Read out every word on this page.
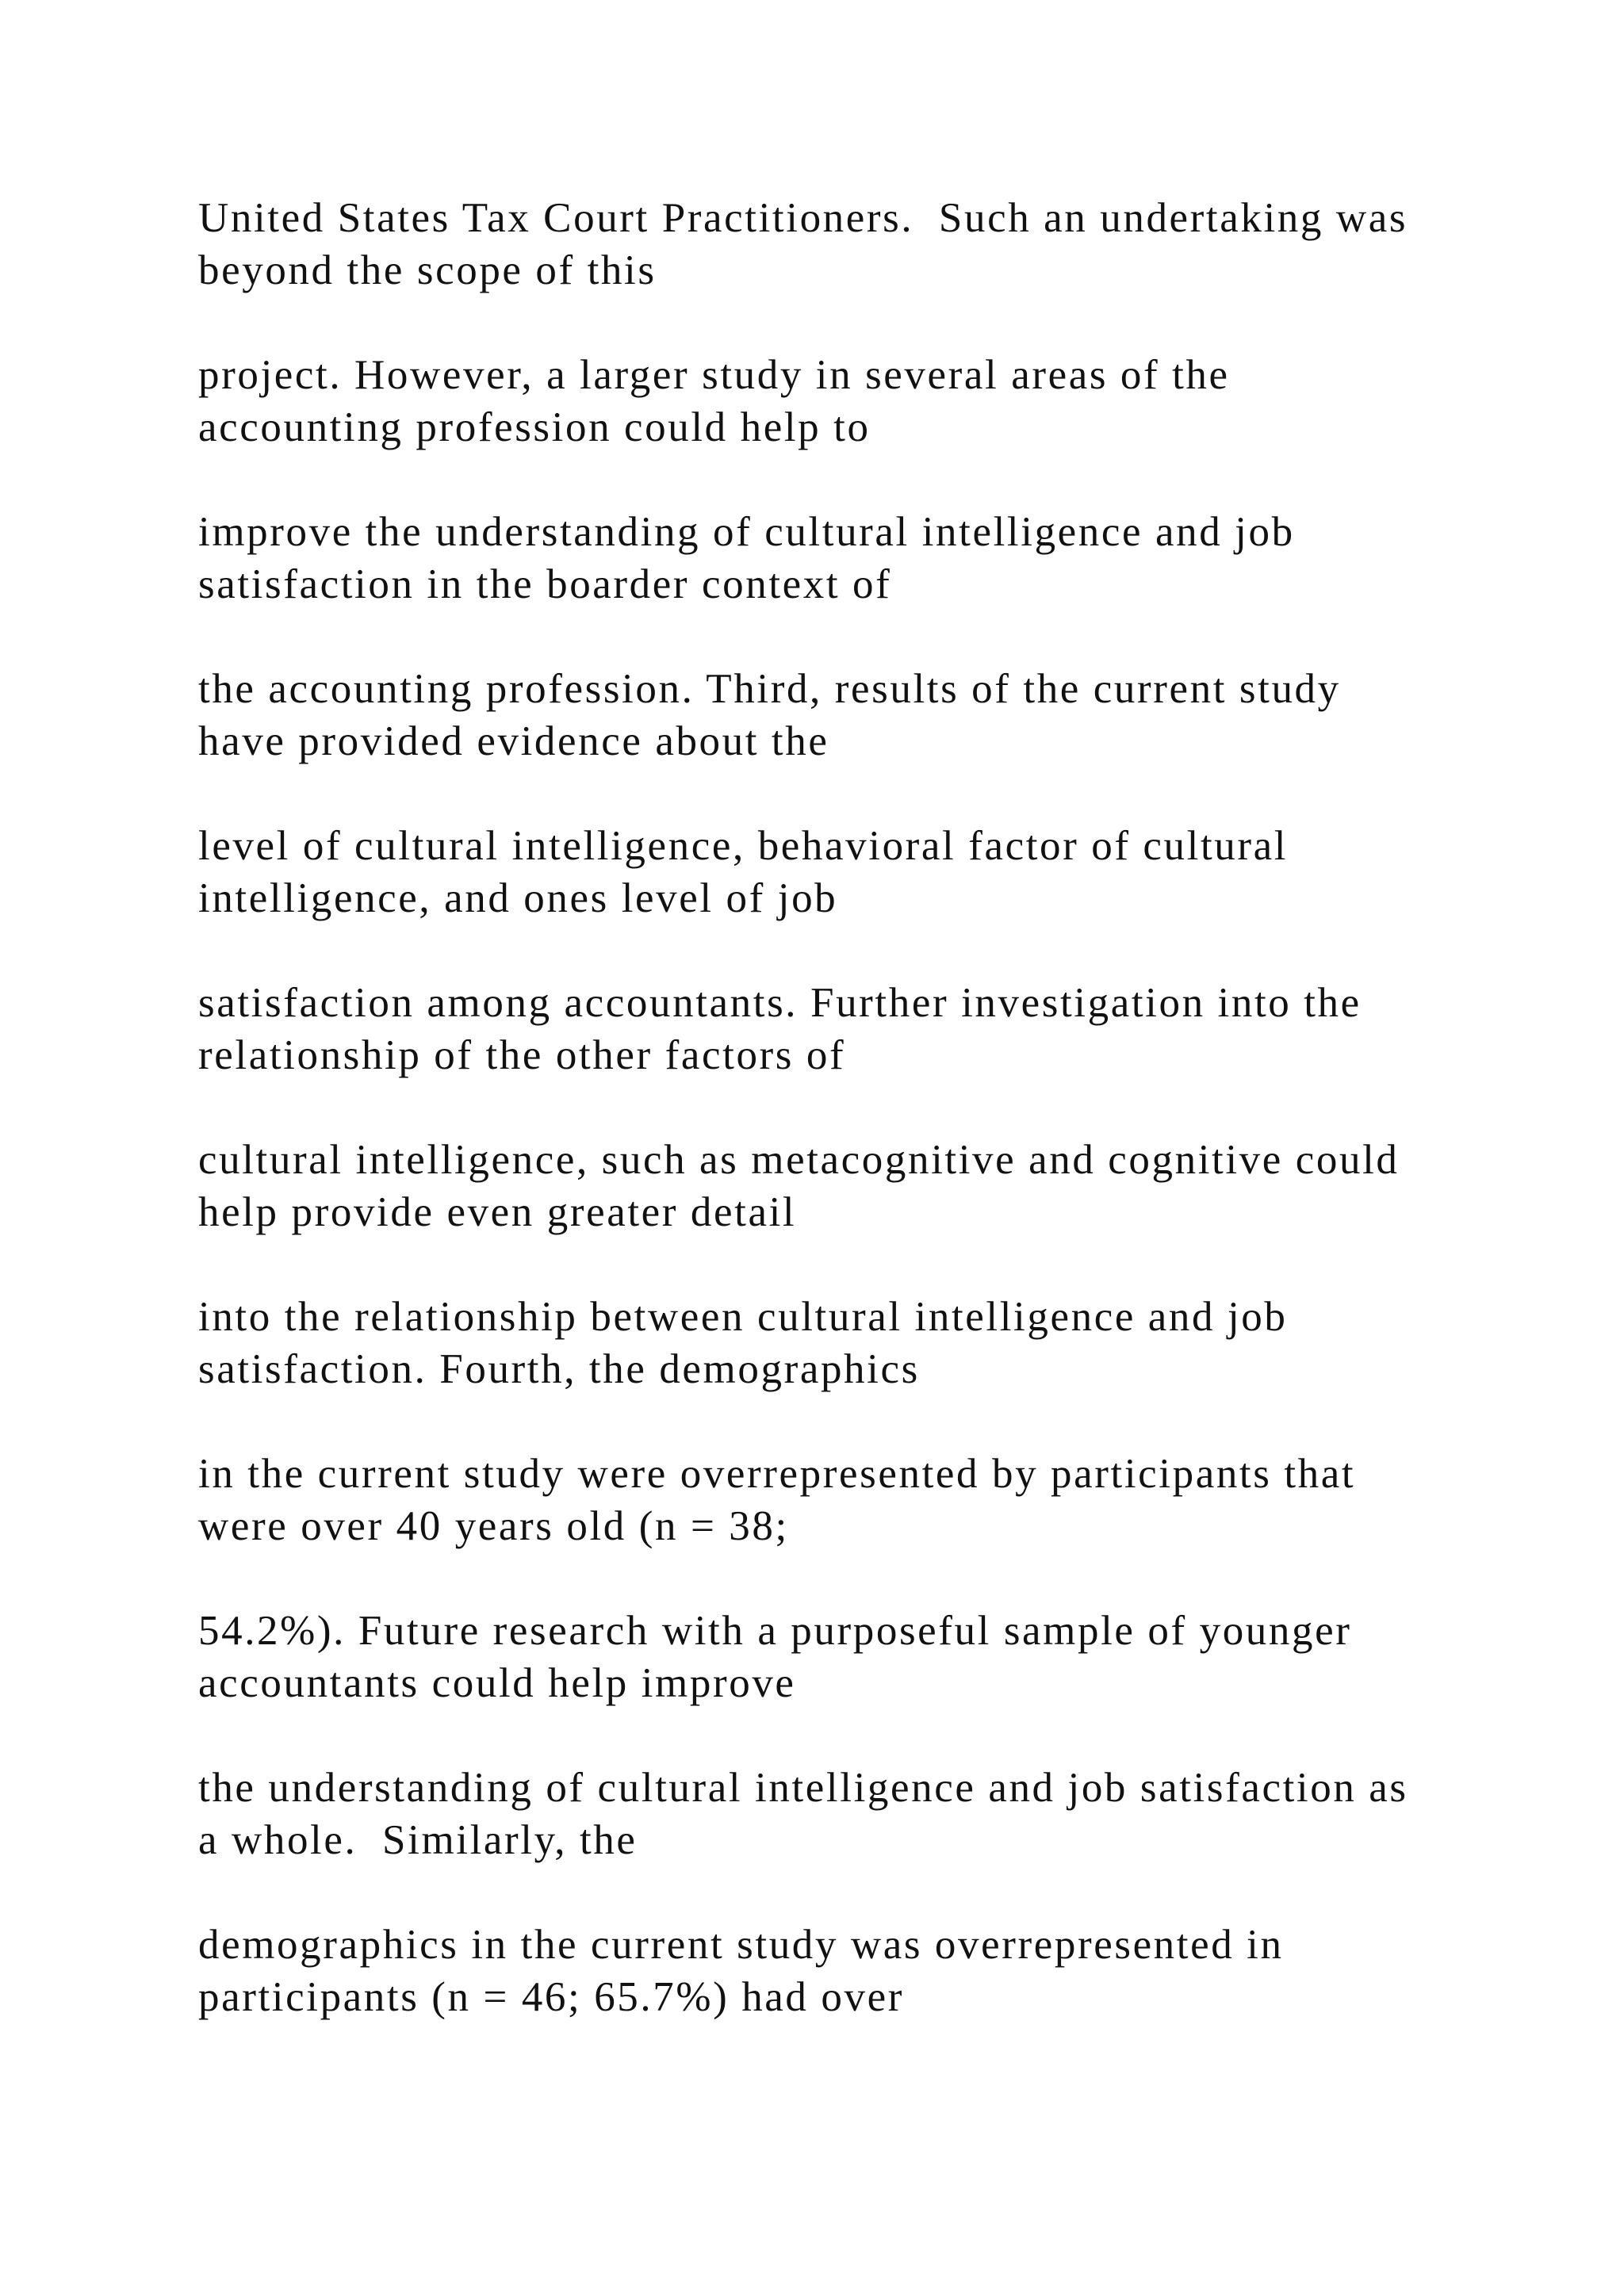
United States Tax Court Practitioners.  Such an undertaking was
beyond the scope of this

project. However, a larger study in several areas of the
accounting profession could help to

improve the understanding of cultural intelligence and job
satisfaction in the boarder context of

the accounting profession. Third, results of the current study
have provided evidence about the

level of cultural intelligence, behavioral factor of cultural
intelligence, and ones level of job

satisfaction among accountants. Further investigation into the
relationship of the other factors of

cultural intelligence, such as metacognitive and cognitive could
help provide even greater detail

into the relationship between cultural intelligence and job
satisfaction. Fourth, the demographics

in the current study were overrepresented by participants that
were over 40 years old (n = 38;

54.2%). Future research with a purposeful sample of younger
accountants could help improve

the understanding of cultural intelligence and job satisfaction as
a whole.  Similarly, the

demographics in the current study was overrepresented in
participants (n = 46; 65.7%) had over
